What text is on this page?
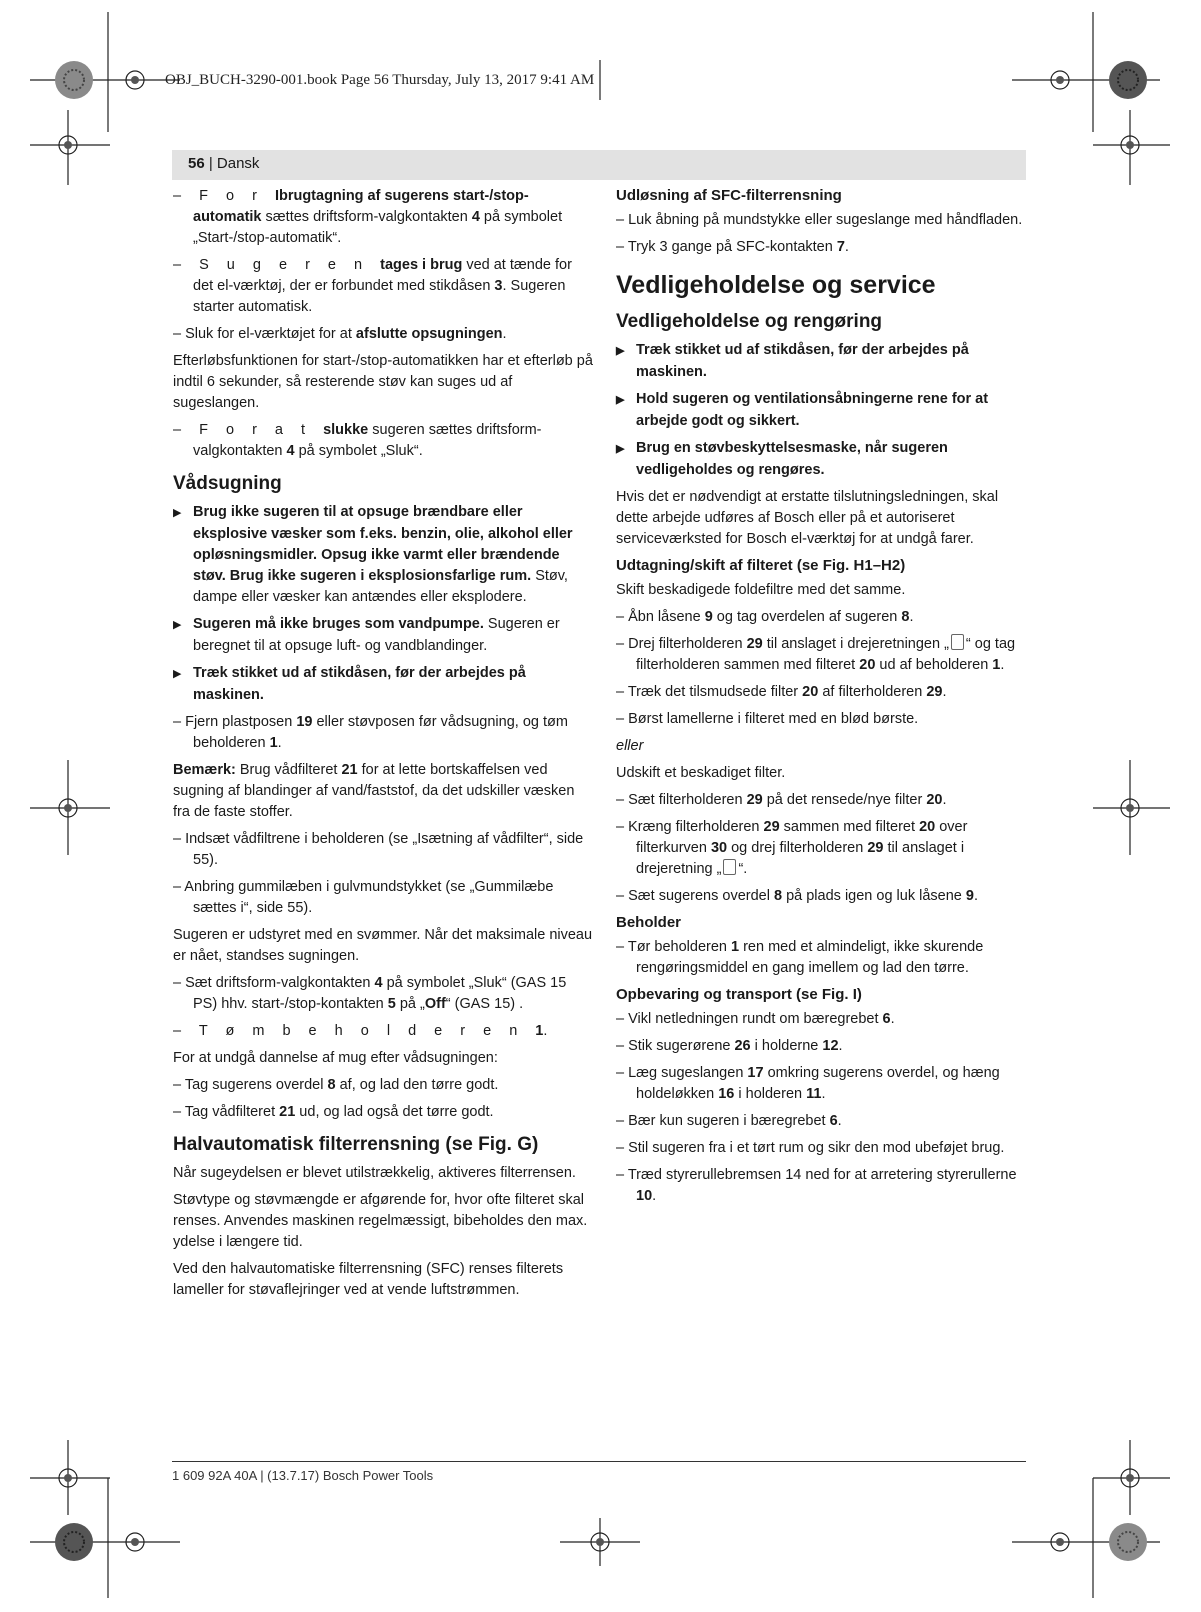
OBJ_BUCH-3290-001.book Page 56 Thursday, July 13, 2017 9:41 AM
56 | Dansk

– F o r Ibrugtagning af sugerens start-/stop-automatik sættes driftsform-valgkontakten 4 på symbolet „Start-/stop-automatik“.

– S u g e r e n tages i brug ved at tænde for det el-værktøj, der er forbundet med stikdåsen 3. Sugeren starter automatisk.

– Sluk for el-værktøjet for at afslutte opsugningen.

Efterløbsfunktionen for start-/stop-automatikken har et efterløb på indtil 6 sekunder, så resterende støv kan suges ud af sugeslangen.

– F o r a t slukke sugeren sættes driftsform-valgkontakten 4 på symbolet „Sluk“.

Vådsugning

▶ Brug ikke sugeren til at opsuge brændbare eller eksplosive væsker som f.eks. benzin, olie, alkohol eller opløsningsmidler. Opsug ikke varmt eller brændende støv. Brug ikke sugeren i eksplosionsfarlige rum. Støv, dampe eller væsker kan antændes eller eksplodere.

▶ Sugeren må ikke bruges som vandpumpe. Sugeren er beregnet til at opsuge luft- og vandblandinger.

▶ Træk stikket ud af stikdåsen, før der arbejdes på maskinen.

– Fjern plastposen 19 eller støvposen før vådsugning, og tøm beholderen 1.

Bemærk: Brug vådfilteret 21 for at lette bortskaffelsen ved sugning af blandinger af vand/faststof, da det udskiller væsken fra de faste stoffer.

– Indsæt vådfiltrene i beholderen (se „Isætning af vådfilter“, side 55).

– Anbring gummilæben i gulvmundstykket (se „Gummilæbe sættes i“, side 55).

Sugeren er udstyret med en svømmer. Når det maksimale niveau er nået, standses sugningen.

– Sæt driftsform-valgkontakten 4 på symbolet „Sluk“ (GAS 15 PS) hhv. start-/stop-kontakten 5 på „Off“ (GAS 15) .

– T ø m b e h o l d e r e n 1.

For at undgå dannelse af mug efter vådsugningen:

– Tag sugerens overdel 8 af, og lad den tørre godt.

– Tag vådfilteret 21 ud, og lad også det tørre godt.

Halvautomatisk filterrensning (se Fig. G)

Når sugeydelsen er blevet utilstrækkelig, aktiveres filterrensen.

Støvtype og støvmængde er afgørende for, hvor ofte filteret skal renses. Anvendes maskinen regelmæssigt, bibeholdes den max. ydelse i længere tid.

Ved den halvautomatiske filterrensning (SFC) renses filterets lameller for støvaflejringer ved at vende luftstrømmen.

Udløsning af SFC-filterrensning

– Luk åbning på mundstykke eller sugeslange med håndfladen.

– Tryk 3 gange på SFC-kontakten 7.

Vedligeholdelse og service
Vedligeholdelse og rengøring

▶ Træk stikket ud af stikdåsen, før der arbejdes på maskinen.

▶ Hold sugeren og ventilationsåbningerne rene for at arbejde godt og sikkert.

▶ Brug en støvbeskyttelsesmaske, når sugeren vedligeholdes og rengøres.

Hvis det er nødvendigt at erstatte tilslutningsledningen, skal dette arbejde udføres af Bosch eller på et autoriseret serviceværksted for Bosch el-værktøj for at undgå farer.

Udtagning/skift af filteret (se Fig. H1–H2)

Skift beskadigede foldefiltre med det samme.

– Åbn låsene 9 og tag overdelen af sugeren 8.

– Drej filterholderen 29 til anslaget i drejeretningen „ “ og tag filterholderen sammen med filteret 20 ud af beholderen 1.

– Træk det tilsmudsede filter 20 af filterholderen 29.

– Børst lamellerne i filteret med en blød børste.

eller

Udskift et beskadiget filter.

– Sæt filterholderen 29 på det rensede/nye filter 20.

– Kræng filterholderen 29 sammen med filteret 20 over filterkurven 30 og drej filterholderen 29 til anslaget i drejeretning „ “.

– Sæt sugerens overdel 8 på plads igen og luk låsene 9.

Beholder

– Tør beholderen 1 ren med et almindeligt, ikke skurende rengøringsmiddel en gang imellem og lad den tørre.

Opbevaring og transport (se Fig. I)

– Vikl netledningen rundt om bæregrebet 6.

– Stik sugerørene 26 i holderne 12.

– Læg sugeslangen 17 omkring sugerens overdel, og hæng holdeløkken 16 i holderen 11.

– Bær kun sugeren i bæregrebet 6.

– Stil sugeren fra i et tørt rum og sikr den mod ubeføjet brug.

– Træd styrerullebremsen 14 ned for at arretering styrerullerne 10.

1 609 92A 40A | (13.7.17) Bosch Power Tools
